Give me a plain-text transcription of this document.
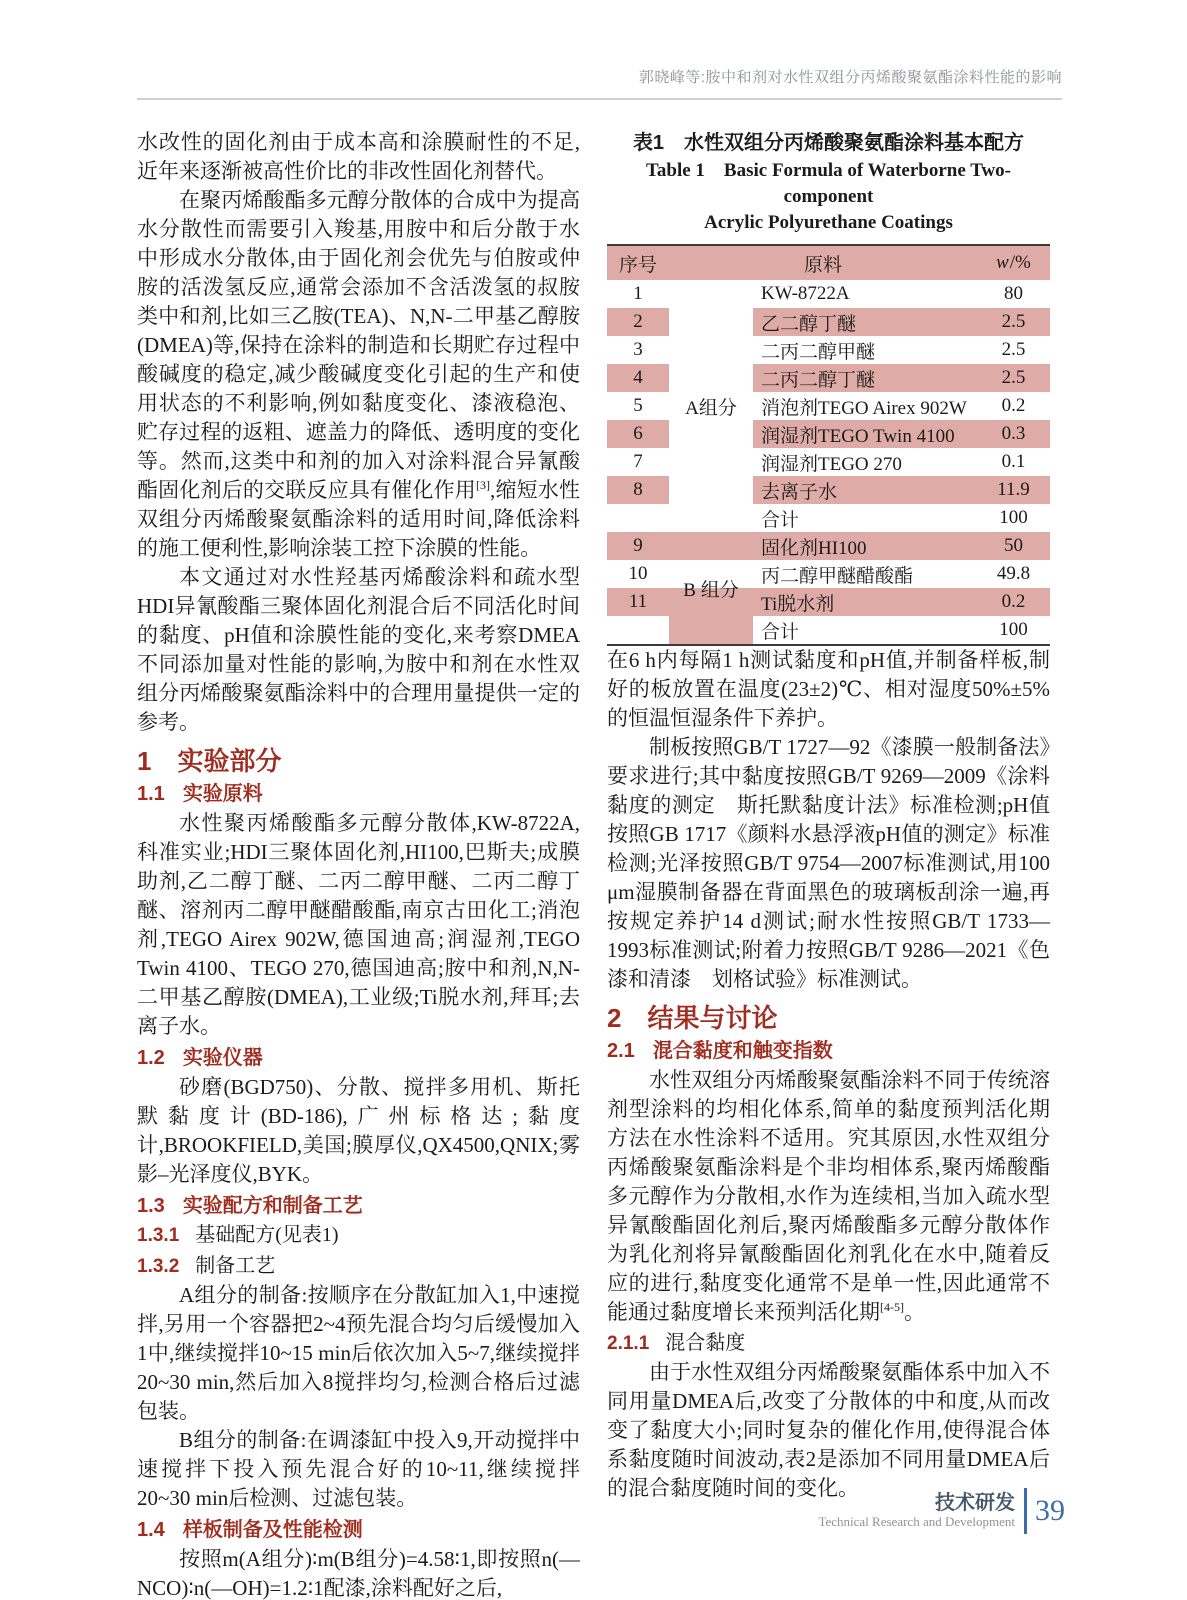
郭晓峰等:胺中和剂对水性双组分丙烯酸聚氨酯涂料性能的影响

水改性的固化剂由于成本高和涂膜耐性的不足,近年来逐渐被高性价比的非改性固化剂替代。

在聚丙烯酸酯多元醇分散体的合成中为提高水分散性而需要引入羧基,用胺中和后分散于水中形成水分散体,由于固化剂会优先与伯胺或仲胺的活泼氢反应,通常会添加不含活泼氢的叔胺类中和剂,比如三乙胺(TEA)、N,N-二甲基乙醇胺(DMEA)等,保持在涂料的制造和长期贮存过程中酸碱度的稳定,减少酸碱度变化引起的生产和使用状态的不利影响,例如黏度变化、漆液稳泡、贮存过程的返粗、遮盖力的降低、透明度的变化等。然而,这类中和剂的加入对涂料混合异氰酸酯固化剂后的交联反应具有催化作用[3],缩短水性双组分丙烯酸聚氨酯涂料的适用时间,降低涂料的施工便利性,影响涂装工控下涂膜的性能。

本文通过对水性羟基丙烯酸涂料和疏水型HDI异氰酸酯三聚体固化剂混合后不同活化时间的黏度、pH值和涂膜性能的变化,来考察DMEA不同添加量对性能的影响,为胺中和剂在水性双组分丙烯酸聚氨酯涂料中的合理用量提供一定的参考。

1 实验部分
1.1 实验原料

水性聚丙烯酸酯多元醇分散体,KW-8722A,科准实业;HDI三聚体固化剂,HI100,巴斯夫;成膜助剂,乙二醇丁醚、二丙二醇甲醚、二丙二醇丁醚、溶剂丙二醇甲醚醋酸酯,南京古田化工;消泡剂,TEGO Airex 902W,德国迪高;润湿剂,TEGO Twin 4100、TEGO 270,德国迪高;胺中和剂,N,N-二甲基乙醇胺(DMEA),工业级;Ti脱水剂,拜耳;去离子水。

1.2 实验仪器

砂磨(BGD750)、分散、搅拌多用机、斯托默黏度计(BD-186),广州标格达;黏度计,BROOKFIELD,美国;膜厚仪,QX4500,QNIX;雾影–光泽度仪,BYK。

1.3 实验配方和制备工艺
1.3.1 基础配方(见表1)
1.3.2 制备工艺

A组分的制备:按顺序在分散缸加入1,中速搅拌,另用一个容器把2~4预先混合均匀后缓慢加入1中,继续搅拌10~15 min后依次加入5~7,继续搅拌20~30 min,然后加入8搅拌均匀,检测合格后过滤包装。

B组分的制备:在调漆缸中投入9,开动搅拌中速搅拌下投入预先混合好的10~11,继续搅拌20~30 min后检测、过滤包装。

1.4 样板制备及性能检测

按照m(A组分)∶m(B组分)=4.58∶1,即按照n(—NCO)∶n(—OH)=1.2∶1配漆,涂料配好之后,

表1　水性双组分丙烯酸聚氨酯涂料基本配方
Table 1　Basic Formula of Waterborne Two-component
Acrylic Polyurethane Coatings
序号	原料	w /%
1	KW-8722A	80
2	乙二醇丁醚	2.5
3	二丙二醇甲醚	2.5
4	二丙二醇丁醚	2.5
5	消泡剂TEGO Airex 902W	0.2
6	润湿剂TEGO Twin 4100	0.3
7	润湿剂TEGO 270	0.1
8	去离子水	11.9
合计	100
9	固化剂HI100	50
10	丙二醇甲醚醋酸酯	49.8
11	Ti脱水剂	0.2
合计	100
A组分
B 组分

在6 h内每隔1 h测试黏度和pH值,并制备样板,制好的板放置在温度(23±2)℃、相对湿度50%±5%的恒温恒湿条件下养护。

制板按照GB/T 1727—92《漆膜一般制备法》要求进行;其中黏度按照GB/T 9269—2009《涂料黏度的测定　斯托默黏度计法》标准检测;pH值按照GB 1717《颜料水悬浮液pH值的测定》标准检测;光泽按照GB/T 9754—2007标准测试,用100 μm湿膜制备器在背面黑色的玻璃板刮涂一遍,再按规定养护14 d测试;耐水性按照GB/T 1733—1993标准测试;附着力按照GB/T 9286—2021《色漆和清漆　划格试验》标准测试。

2 结果与讨论
2.1 混合黏度和触变指数

水性双组分丙烯酸聚氨酯涂料不同于传统溶剂型涂料的均相化体系,简单的黏度预判活化期方法在水性涂料不适用。究其原因,水性双组分丙烯酸聚氨酯涂料是个非均相体系,聚丙烯酸酯多元醇作为分散相,水作为连续相,当加入疏水型异氰酸酯固化剂后,聚丙烯酸酯多元醇分散体作为乳化剂将异氰酸酯固化剂乳化在水中,随着反应的进行,黏度变化通常不是单一性,因此通常不能通过黏度增长来预判活化期[4-5]。

2.1.1 混合黏度

由于水性双组分丙烯酸聚氨酯体系中加入不同用量DMEA后,改变了分散体的中和度,从而改变了黏度大小;同时复杂的催化作用,使得混合体系黏度随时间波动,表2是添加不同用量DMEA后的混合黏度随时间的变化。

技术研发
Technical Research and Development 39
